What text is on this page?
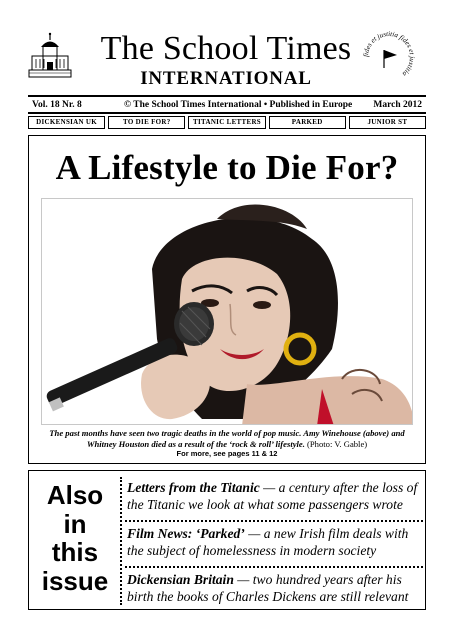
The School Times
INTERNATIONAL
fides et justitia fides et justitia
Vol. 18 Nr. 8	© The School Times International • Published in Europe March 2012
DICKENSIAN UK	TO DIE FOR?	TITANIC LETTERS	PARKED	JUNIOR ST
A Lifestyle to Die For?
The past months have seen two tragic deaths in the world of pop music. Amy Winehouse (above) and Whitney Houston died as a result of the ‘rock & roll’ lifestyle. (Photo: V. Gable)
For more, see pages 11 & 12
Also
in
this
issue
Letters from the Titanic — a century after the loss of the Titanic we look at what some passengers wrote
Film News: ‘Parked’ — a new Irish film deals with the subject of homelessness in modern society
Dickensian Britain — two hundred years after his birth the books of Charles Dickens are still relevant
